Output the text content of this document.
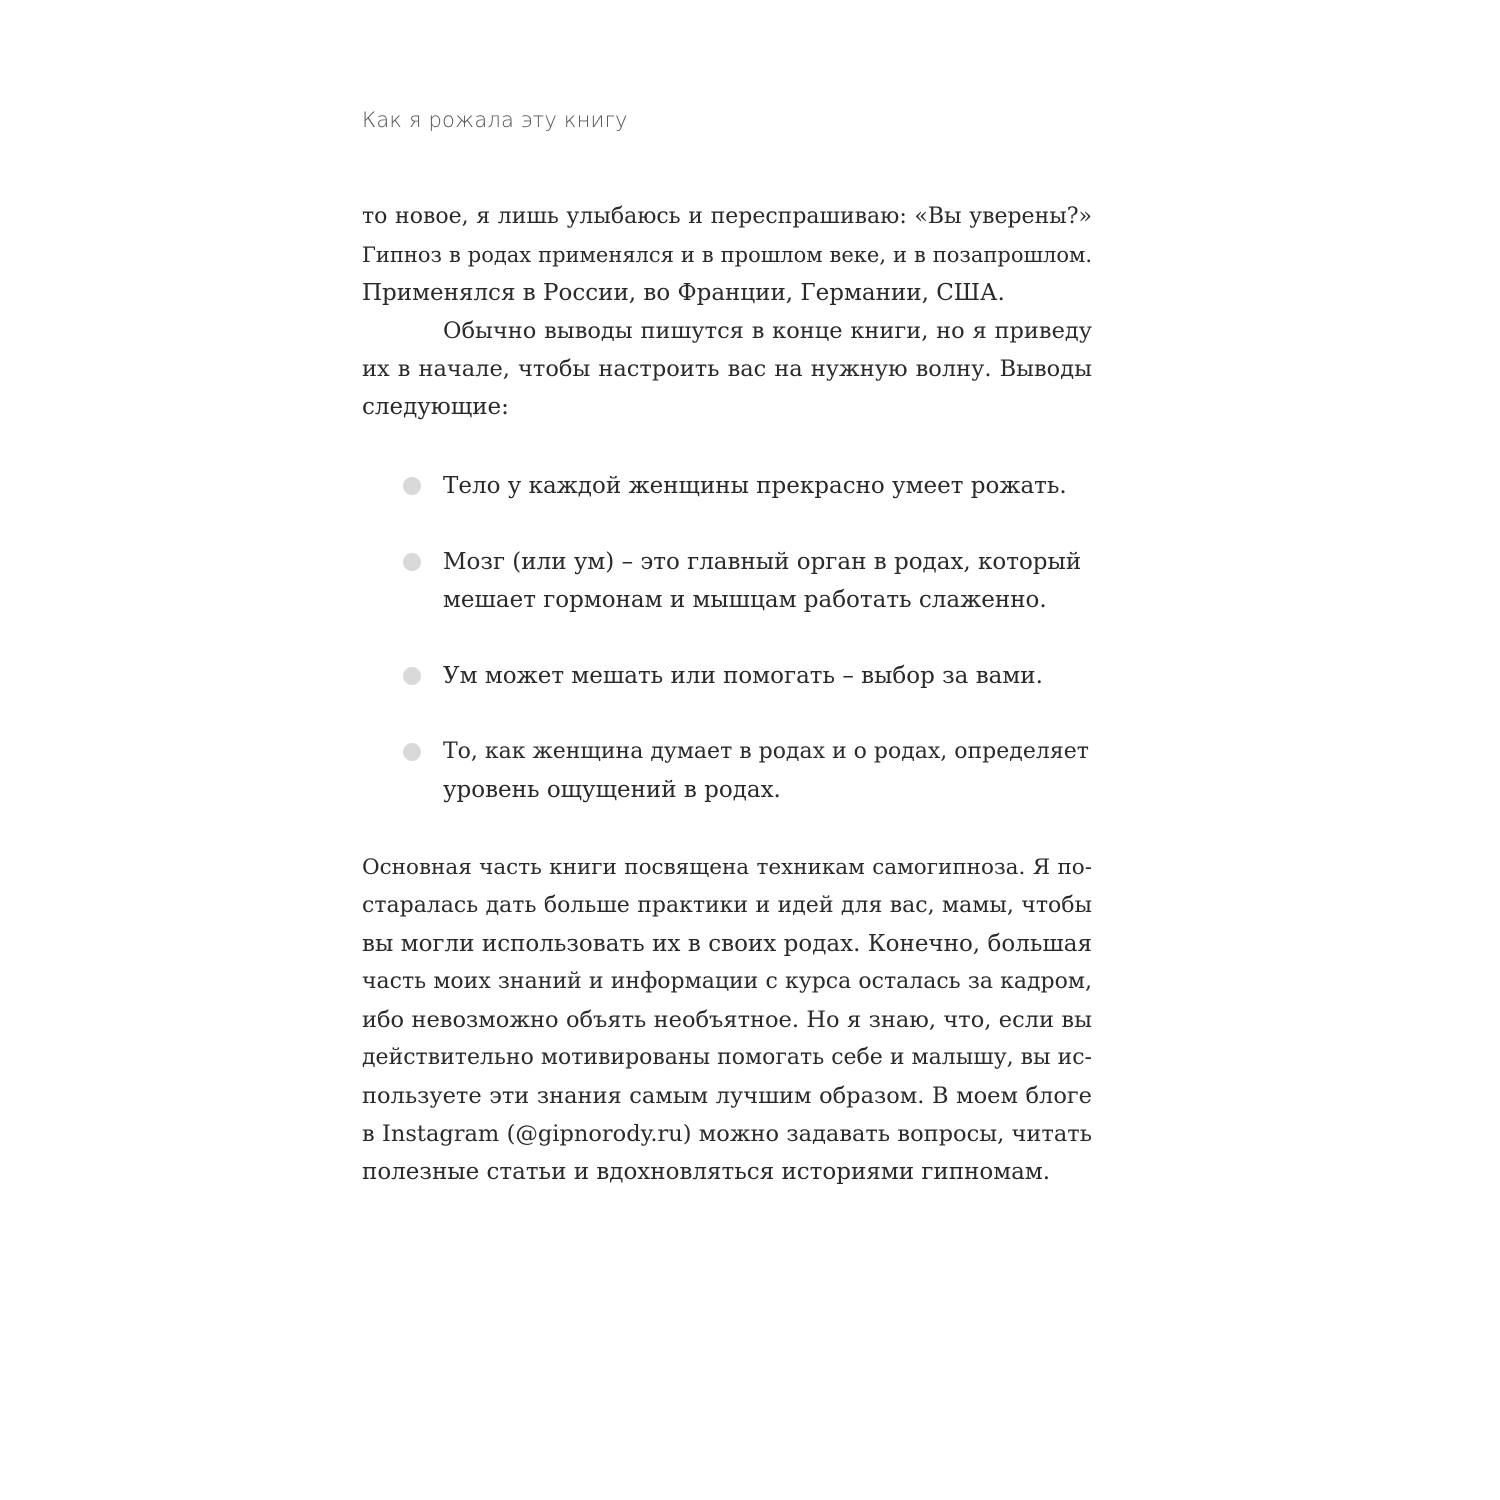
Как я рожала эту книгу
то новое, я лишь улыбаюсь и переспрашиваю: «Вы уверены?»
Гипноз в родах применялся и в прошлом веке, и в позапрошлом.
Применялся в России, во Франции, Германии, США.
Обычно выводы пишутся в конце книги, но я приведу
их в начале, чтобы настроить вас на нужную волну. Выводы
следующие:
Тело у каждой женщины прекрасно умеет рожать.
Мозг (или ум) – это главный орган в родах, который
мешает гормонам и мышцам работать слаженно.
Ум может мешать или помогать – выбор за вами.
То, как женщина думает в родах и о родах, определяет
уровень ощущений в родах.
Основная часть книги посвящена техникам самогипноза. Я по-
старалась дать больше практики и идей для вас, мамы, чтобы
вы могли использовать их в своих родах. Конечно, большая
часть моих знаний и информации с курса осталась за кадром,
ибо невозможно объять необъятное. Но я знаю, что, если вы
действительно мотивированы помогать себе и малышу, вы ис-
пользуете эти знания самым лучшим образом. В моем блоге
в Instagram (@gipnorody.ru) можно задавать вопросы, читать
полезные статьи и вдохновляться историями гипномам.
